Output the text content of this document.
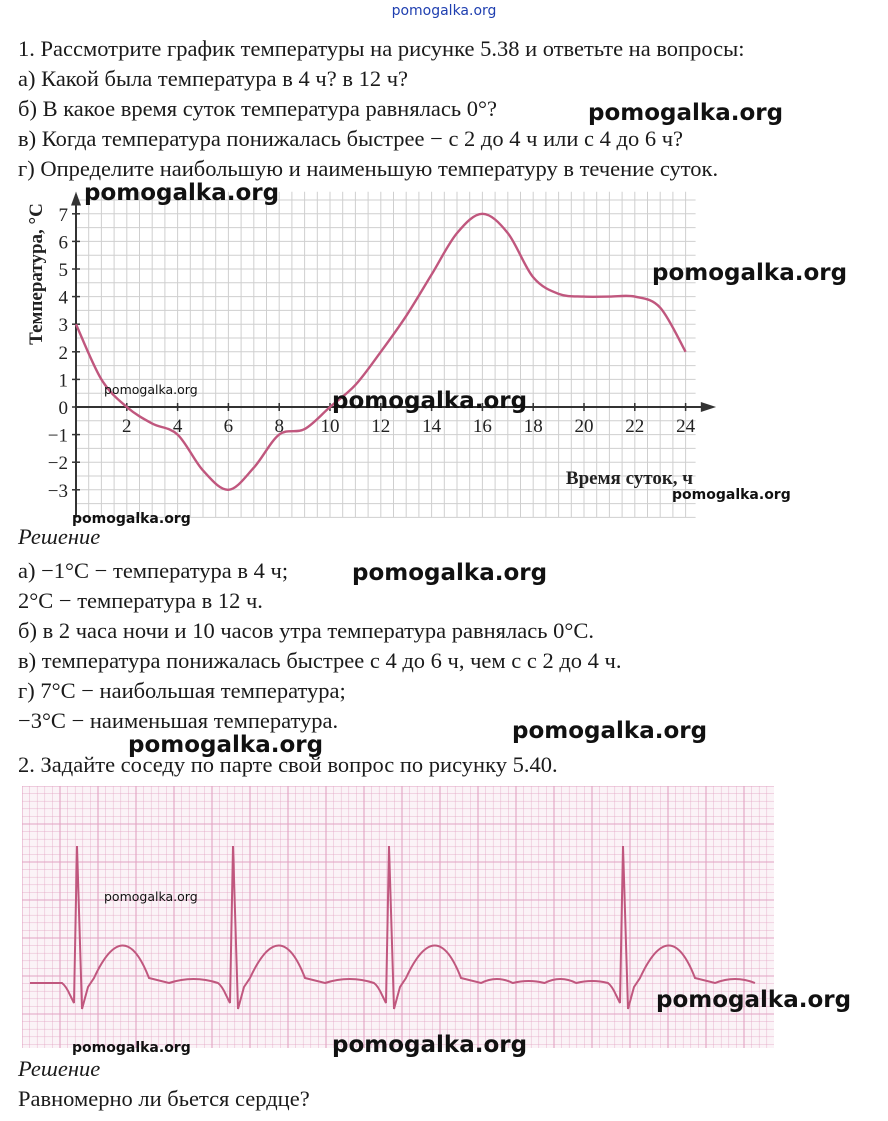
pomogalka.org
1. Рассмотрите график температуры на рисунке 5.38 и ответьте на вопросы:
а) Какой была температура в 4 ч? в 12 ч?
б) В какое время суток температура равнялась 0°?
в) Когда температура понижалась быстрее − с 2 до 4 ч или с 4 до 6 ч?
г) Определите наибольшую и наименьшую температуру в течение суток.
2 4 6 8 10 12 14 16 18 20 22 24
−3
−2
−1
0
1
2
3
4
5
6
7
Температура, °C
Время суток, ч
Решение
а) −1°C − температура в 4 ч;
2°C − температура в 12 ч.
б) в 2 часа ночи и 10 часов утра температура равнялась 0°C.
в) температура понижалась быстрее с 4 до 6 ч, чем с с 2 до 4 ч.
г) 7°C − наибольшая температура;
−3°C − наименьшая температура.
2. Задайте соседу по парте свой вопрос по рисунку 5.40.
Решение
Равномерно ли бьется сердце?
pomogalka.org
pomogalka.org
pomogalka.org
pomogalka.org	pomogalka.org
pomogalka.org
pomogalka.org
pomogalka.org
pomogalka.org
pomogalka.org
pomogalka.org
pomogalka.org
pomogalka.org	pomogalka.org
